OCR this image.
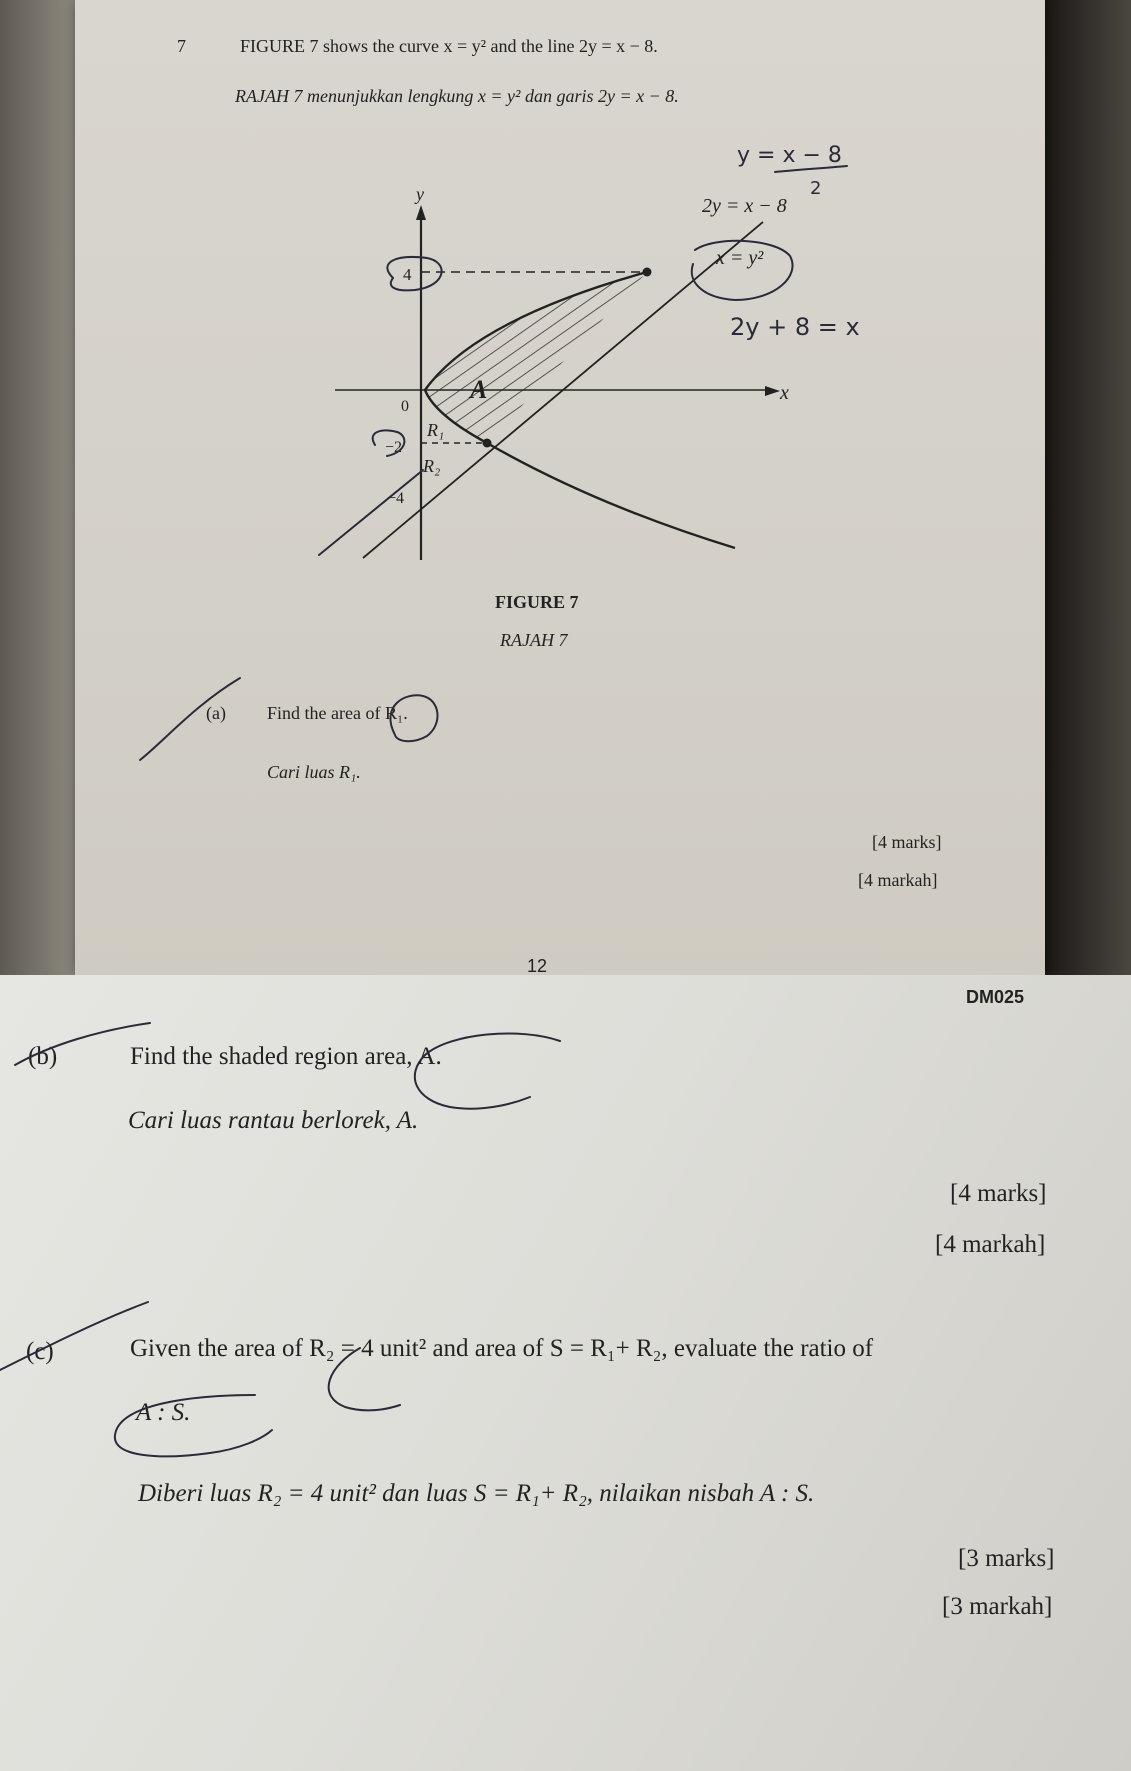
7	FIGURE 7 shows the curve x = y² and the line 2y = x − 8.
RAJAH 7 menunjukkan lengkung x = y² dan garis 2y = x − 8.
y
x
2y = x − 8
x = y²
4
0
−2
−4
A
R₁
R₂
y = x − 8
2
2y + 8 = x
FIGURE 7
RAJAH 7
(a) Find the area of R₁.
Cari luas R₁.
[4 marks]
[4 markah]
12
DM025
(b)	Find the shaded region area, A.
Cari luas rantau berlorek, A.
[4 marks]
[4 markah]
(c)	Given the area of R₂ = 4 unit² and area of S = R₁+ R₂, evaluate the ratio of
A : S.
Diberi luas R₂ = 4 unit² dan luas S = R₁+ R₂, nilaikan nisbah A : S.
[3 marks]
[3 markah]
